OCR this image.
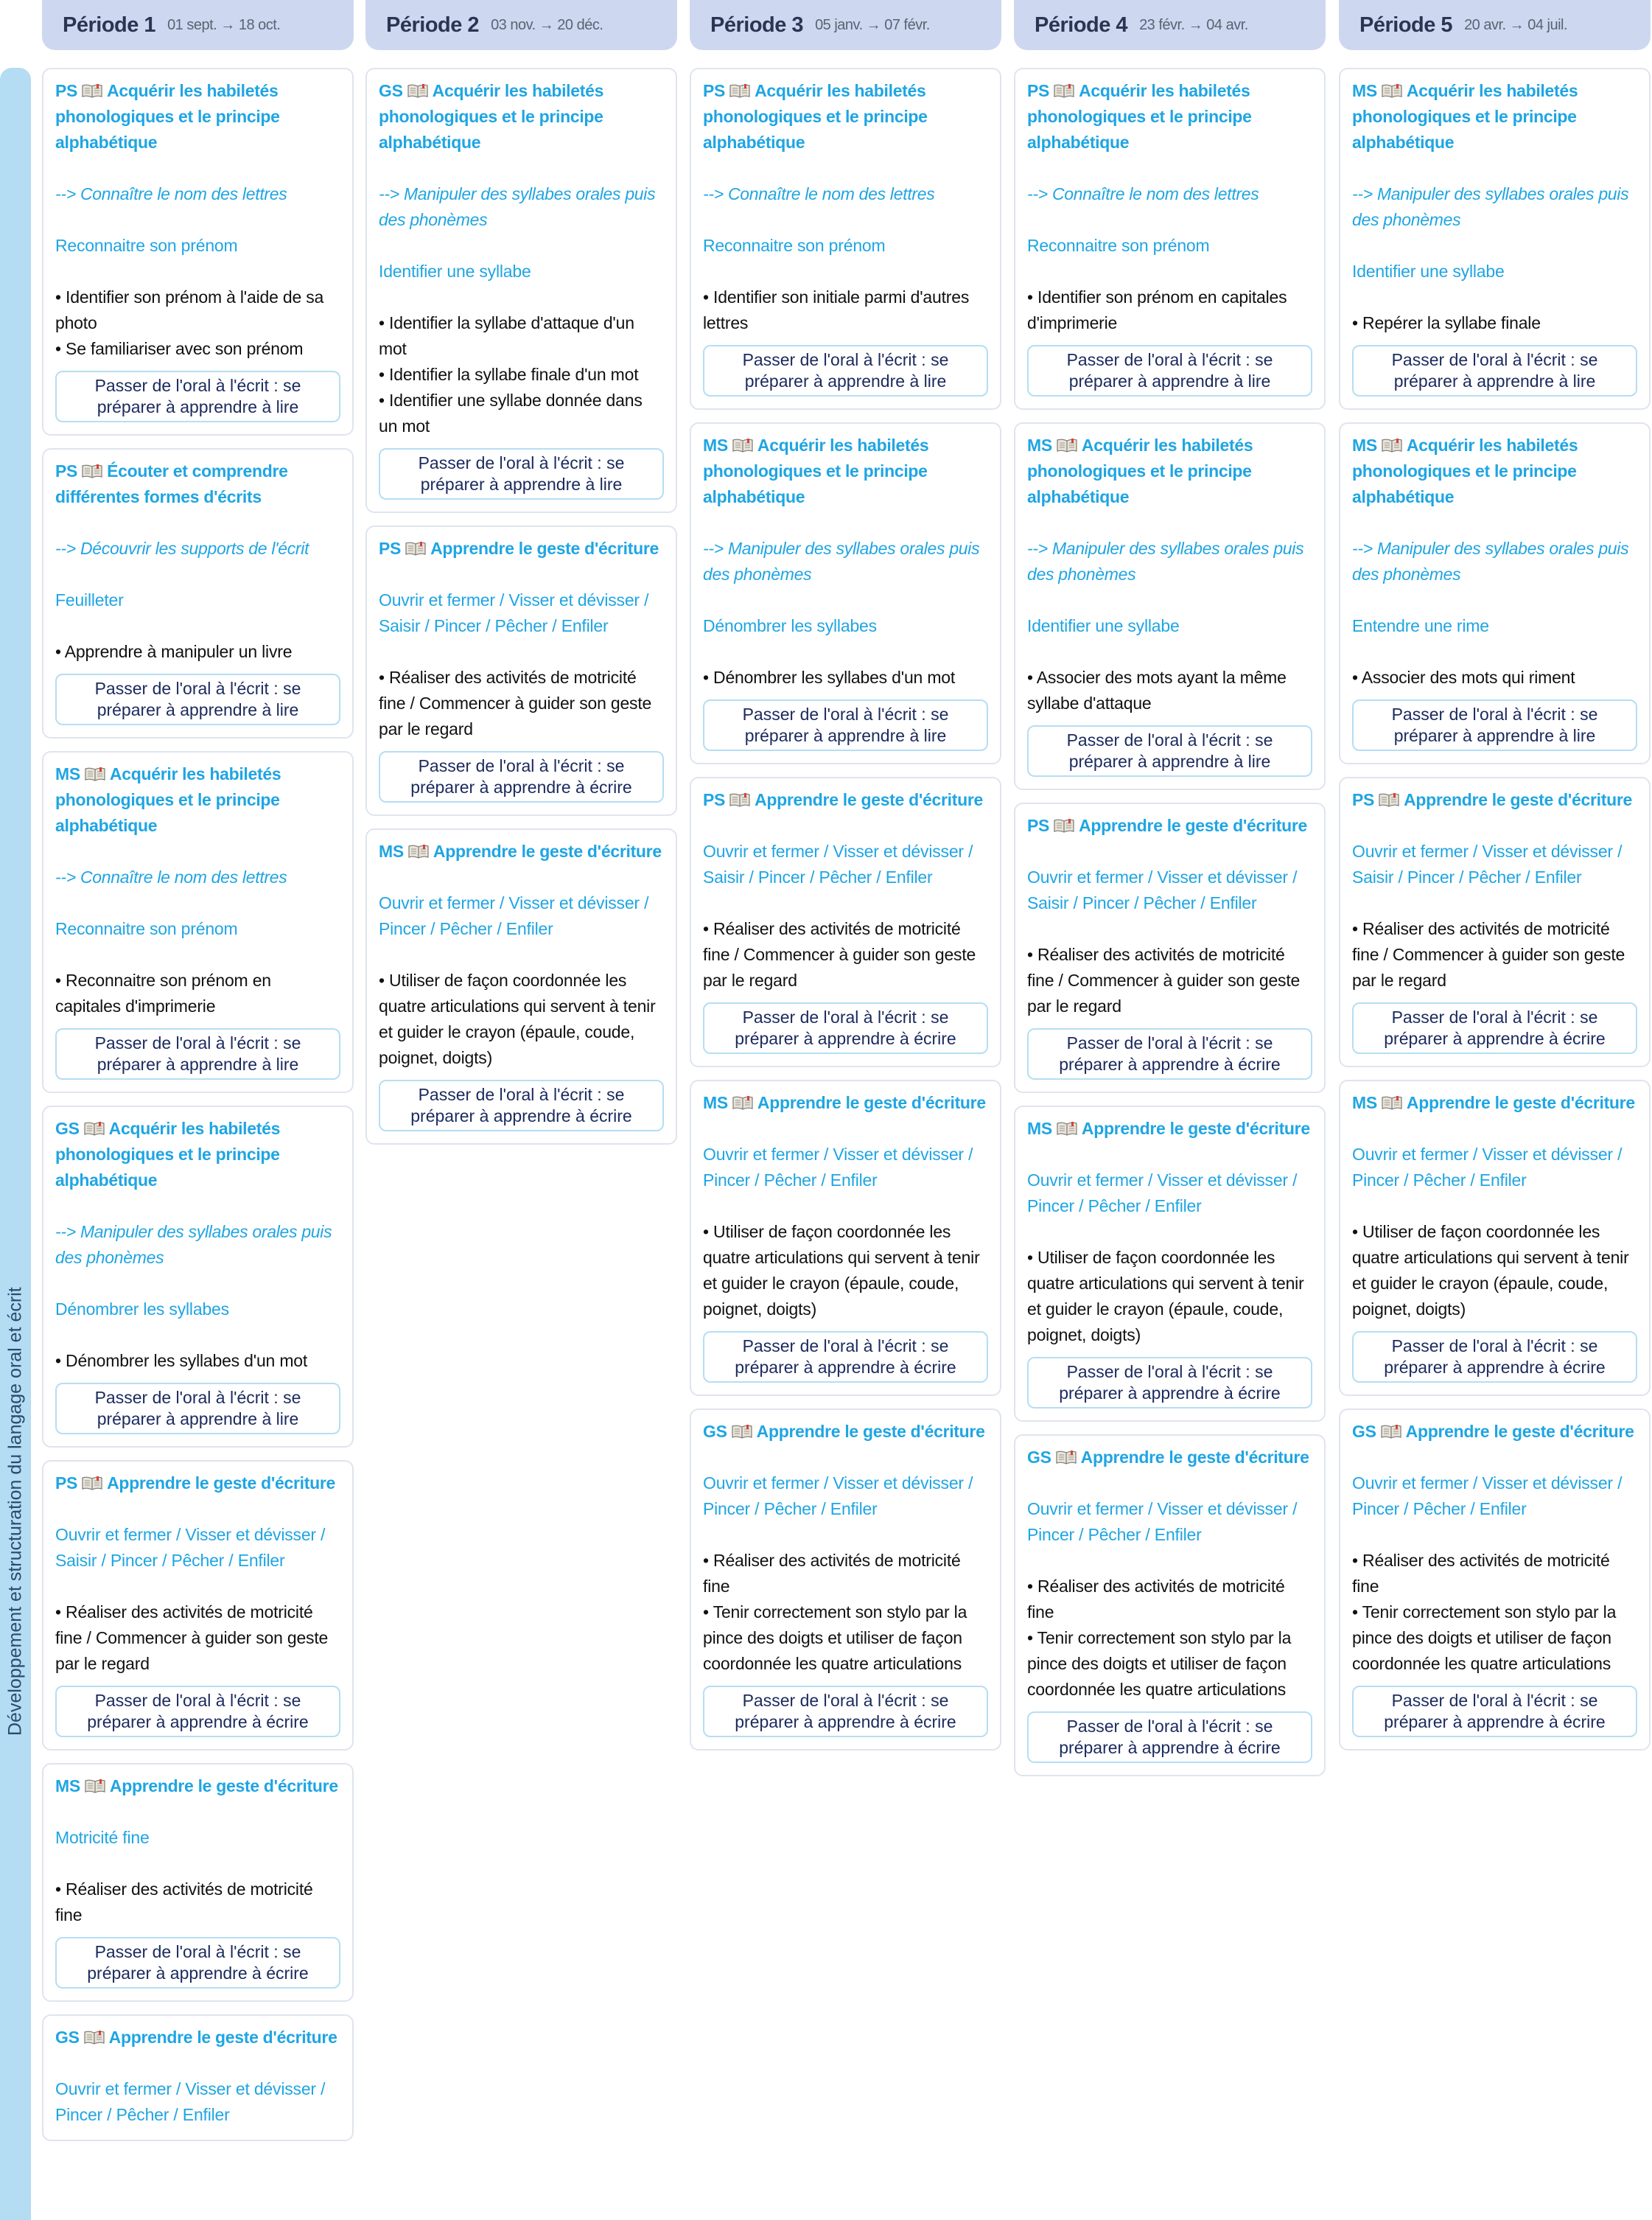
Développement et structuration du langage oral et écrit
Période 1 01 sept. → 18 oct.
PS Acquérir les habiletés phonologiques et le principe alphabétique
--> Connaître le nom des lettres
Reconnaitre son prénom
• Identifier son prénom à l'aide de sa photo
• Se familiariser avec son prénom
Passer de l'oral à l'écrit : se préparer à apprendre à lire
PS Écouter et comprendre différentes formes d'écrits
--> Découvrir les supports de l'écrit
Feuilleter
• Apprendre à manipuler un livre
Passer de l'oral à l'écrit : se préparer à apprendre à lire
MS Acquérir les habiletés phonologiques et le principe alphabétique
--> Connaître le nom des lettres
Reconnaitre son prénom
• Reconnaitre son prénom en capitales d'imprimerie
Passer de l'oral à l'écrit : se préparer à apprendre à lire
GS Acquérir les habiletés phonologiques et le principe alphabétique
--> Manipuler des syllabes orales puis des phonèmes
Dénombrer les syllabes
• Dénombrer les syllabes d'un mot
Passer de l'oral à l'écrit : se préparer à apprendre à lire
PS Apprendre le geste d'écriture
Ouvrir et fermer / Visser et dévisser / Saisir / Pincer / Pêcher / Enfiler
• Réaliser des activités de motricité fine / Commencer à guider son geste par le regard
Passer de l'oral à l'écrit : se préparer à apprendre à écrire
MS Apprendre le geste d'écriture
Motricité fine
• Réaliser des activités de motricité fine
Passer de l'oral à l'écrit : se préparer à apprendre à écrire
GS Apprendre le geste d'écriture
Ouvrir et fermer / Visser et dévisser / Pincer / Pêcher / Enfiler
Période 2 03 nov. → 20 déc.
GS Acquérir les habiletés phonologiques et le principe alphabétique
--> Manipuler des syllabes orales puis des phonèmes
Identifier une syllabe
• Identifier la syllabe d'attaque d'un mot
• Identifier la syllabe finale d'un mot
• Identifier une syllabe donnée dans un mot
Passer de l'oral à l'écrit : se préparer à apprendre à lire
PS Apprendre le geste d'écriture
Ouvrir et fermer / Visser et dévisser / Saisir / Pincer / Pêcher / Enfiler
• Réaliser des activités de motricité fine / Commencer à guider son geste par le regard
Passer de l'oral à l'écrit : se préparer à apprendre à écrire
MS Apprendre le geste d'écriture
Ouvrir et fermer / Visser et dévisser / Pincer / Pêcher / Enfiler
• Utiliser de façon coordonnée les quatre articulations qui servent à tenir et guider le crayon (épaule, coude, poignet, doigts)
Passer de l'oral à l'écrit : se préparer à apprendre à écrire
Période 3 05 janv. → 07 févr.
PS Acquérir les habiletés phonologiques et le principe alphabétique
--> Connaître le nom des lettres
Reconnaitre son prénom
• Identifier son initiale parmi d'autres lettres
Passer de l'oral à l'écrit : se préparer à apprendre à lire
MS Acquérir les habiletés phonologiques et le principe alphabétique
--> Manipuler des syllabes orales puis des phonèmes
Dénombrer les syllabes
• Dénombrer les syllabes d'un mot
Passer de l'oral à l'écrit : se préparer à apprendre à lire
PS Apprendre le geste d'écriture
Ouvrir et fermer / Visser et dévisser / Saisir / Pincer / Pêcher / Enfiler
• Réaliser des activités de motricité fine / Commencer à guider son geste par le regard
Passer de l'oral à l'écrit : se préparer à apprendre à écrire
MS Apprendre le geste d'écriture
Ouvrir et fermer / Visser et dévisser / Pincer / Pêcher / Enfiler
• Utiliser de façon coordonnée les quatre articulations qui servent à tenir et guider le crayon (épaule, coude, poignet, doigts)
Passer de l'oral à l'écrit : se préparer à apprendre à écrire
GS Apprendre le geste d'écriture
Ouvrir et fermer / Visser et dévisser / Pincer / Pêcher / Enfiler
• Réaliser des activités de motricité fine
• Tenir correctement son stylo par la pince des doigts et utiliser de façon coordonnée les quatre articulations
Passer de l'oral à l'écrit : se préparer à apprendre à écrire
Période 4 23 févr. → 04 avr.
PS Acquérir les habiletés phonologiques et le principe alphabétique
--> Connaître le nom des lettres
Reconnaitre son prénom
• Identifier son prénom en capitales d'imprimerie
Passer de l'oral à l'écrit : se préparer à apprendre à lire
MS Acquérir les habiletés phonologiques et le principe alphabétique
--> Manipuler des syllabes orales puis des phonèmes
Identifier une syllabe
• Associer des mots ayant la même syllabe d'attaque
Passer de l'oral à l'écrit : se préparer à apprendre à lire
PS Apprendre le geste d'écriture
Ouvrir et fermer / Visser et dévisser / Saisir / Pincer / Pêcher / Enfiler
• Réaliser des activités de motricité fine / Commencer à guider son geste par le regard
Passer de l'oral à l'écrit : se préparer à apprendre à écrire
MS Apprendre le geste d'écriture
Ouvrir et fermer / Visser et dévisser / Pincer / Pêcher / Enfiler
• Utiliser de façon coordonnée les quatre articulations qui servent à tenir et guider le crayon (épaule, coude, poignet, doigts)
Passer de l'oral à l'écrit : se préparer à apprendre à écrire
GS Apprendre le geste d'écriture
Ouvrir et fermer / Visser et dévisser / Pincer / Pêcher / Enfiler
• Réaliser des activités de motricité fine
• Tenir correctement son stylo par la pince des doigts et utiliser de façon coordonnée les quatre articulations
Passer de l'oral à l'écrit : se préparer à apprendre à écrire
Période 5 20 avr. → 04 juil.
MS Acquérir les habiletés phonologiques et le principe alphabétique
--> Manipuler des syllabes orales puis des phonèmes
Identifier une syllabe
• Repérer la syllabe finale
Passer de l'oral à l'écrit : se préparer à apprendre à lire
MS Acquérir les habiletés phonologiques et le principe alphabétique
--> Manipuler des syllabes orales puis des phonèmes
Entendre une rime
• Associer des mots qui riment
Passer de l'oral à l'écrit : se préparer à apprendre à lire
PS Apprendre le geste d'écriture
Ouvrir et fermer / Visser et dévisser / Saisir / Pincer / Pêcher / Enfiler
• Réaliser des activités de motricité fine / Commencer à guider son geste par le regard
Passer de l'oral à l'écrit : se préparer à apprendre à écrire
MS Apprendre le geste d'écriture
Ouvrir et fermer / Visser et dévisser / Pincer / Pêcher / Enfiler
• Utiliser de façon coordonnée les quatre articulations qui servent à tenir et guider le crayon (épaule, coude, poignet, doigts)
Passer de l'oral à l'écrit : se préparer à apprendre à écrire
GS Apprendre le geste d'écriture
Ouvrir et fermer / Visser et dévisser / Pincer / Pêcher / Enfiler
• Réaliser des activités de motricité fine
• Tenir correctement son stylo par la pince des doigts et utiliser de façon coordonnée les quatre articulations
Passer de l'oral à l'écrit : se préparer à apprendre à écrire
